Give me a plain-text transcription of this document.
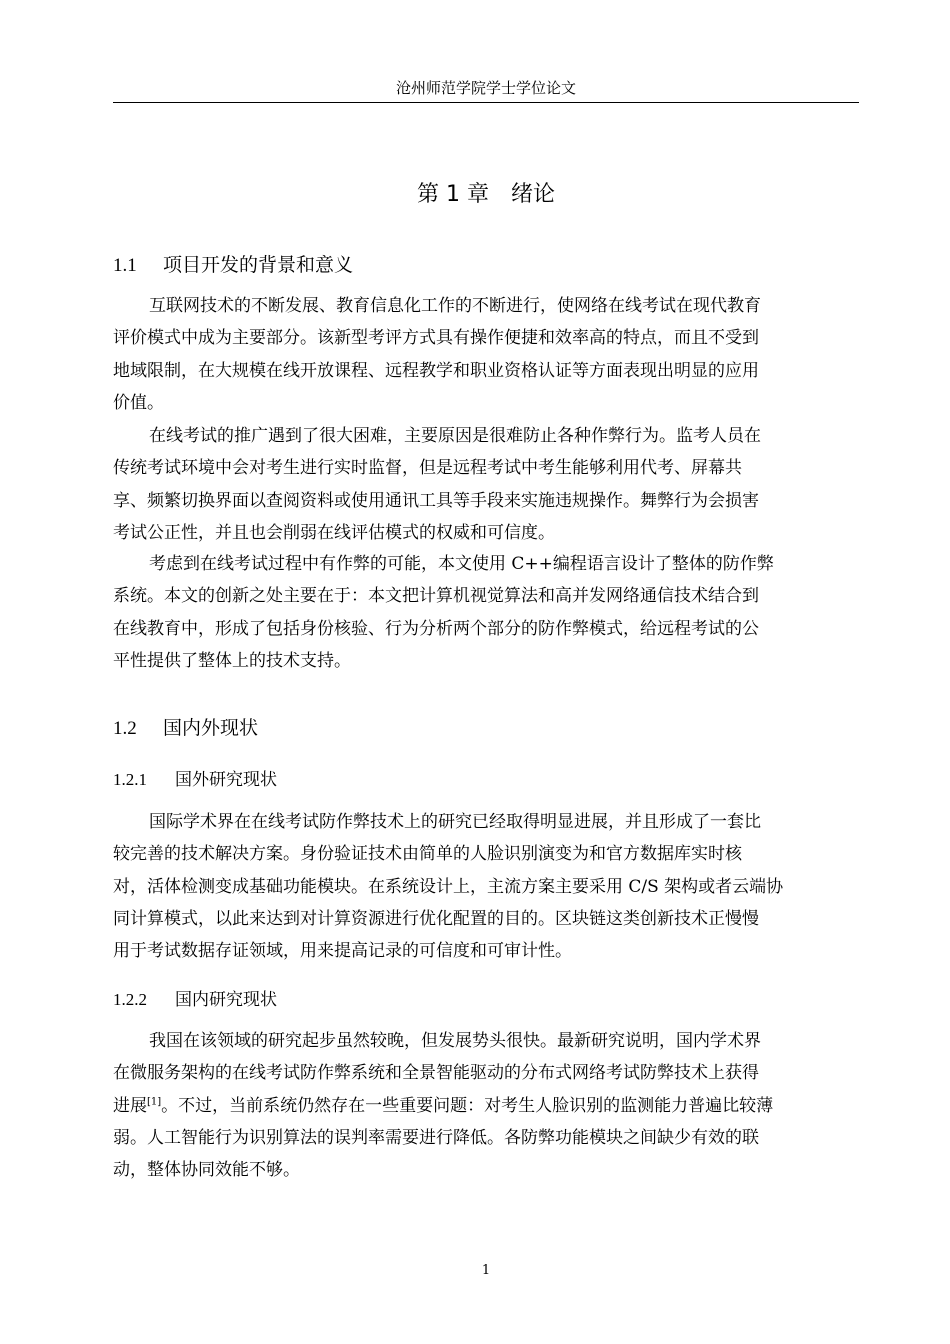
沧州师范学院学士学位论文
第 1 章　绪论
1.1 项目开发的背景和意义

互联网技术的不断发展、教育信息化工作的不断进行，使网络在线考试在现代教育
评价模式中成为主要部分。该新型考评方式具有操作便捷和效率高的特点，而且不受到
地域限制，在大规模在线开放课程、远程教学和职业资格认证等方面表现出明显的应用
价值。

在线考试的推广遇到了很大困难，主要原因是很难防止各种作弊行为。监考人员在
传统考试环境中会对考生进行实时监督，但是远程考试中考生能够利用代考、屏幕共
享、频繁切换界面以查阅资料或使用通讯工具等手段来实施违规操作。舞弊行为会损害
考试公正性，并且也会削弱在线评估模式的权威和可信度。

考虑到在线考试过程中有作弊的可能，本文使用 C++编程语言设计了整体的防作弊
系统。本文的创新之处主要在于：本文把计算机视觉算法和高并发网络通信技术结合到
在线教育中，形成了包括身份核验、行为分析两个部分的防作弊模式，给远程考试的公
平性提供了整体上的技术支持。

1.2 国内外现状
1.2.1 国外研究现状

国际学术界在在线考试防作弊技术上的研究已经取得明显进展，并且形成了一套比
较完善的技术解决方案。身份验证技术由简单的人脸识别演变为和官方数据库实时核
对，活体检测变成基础功能模块。在系统设计上，主流方案主要采用 C/S 架构或者云端协
同计算模式，以此来达到对计算资源进行优化配置的目的。区块链这类创新技术正慢慢
用于考试数据存证领域，用来提高记录的可信度和可审计性。

1.2.2 国内研究现状

我国在该领域的研究起步虽然较晚，但发展势头很快。最新研究说明，国内学术界
在微服务架构的在线考试防作弊系统和全景智能驱动的分布式网络考试防弊技术上获得
进展[1]。不过，当前系统仍然存在一些重要问题：对考生人脸识别的监测能力普遍比较薄
弱。人工智能行为识别算法的误判率需要进行降低。各防弊功能模块之间缺少有效的联
动，整体协同效能不够。

1
